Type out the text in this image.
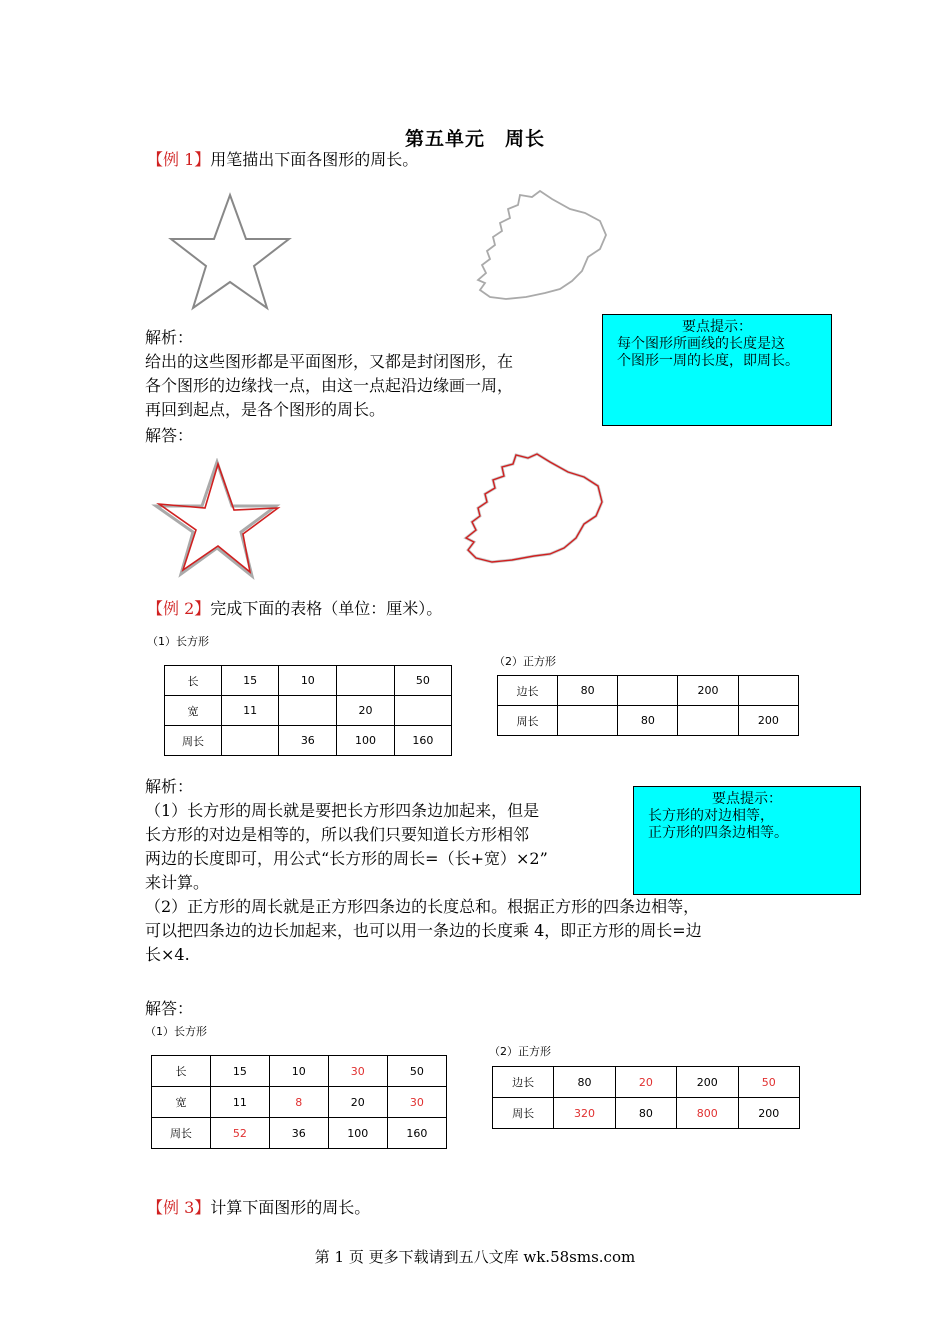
第五单元　周长
【例 1】用笔描出下面各图形的周长。
解析：
给出的这些图形都是平面图形，又都是封闭图形，在
各个图形的边缘找一点，由这一点起沿边缘画一周，
再回到起点，是各个图形的周长。
解答：
要点提示：
每个图形所画线的长度是这
个图形一周的长度，即周长。
【例 2】完成下面的表格（单位：厘米）。
（1）长方形
（2）正方形
长	15	10		50
宽	11		20	
周长		36	100	160
边长	80		200	
周长		80		200
解析：
（1）长方形的周长就是要把长方形四条边加起来，但是
长方形的对边是相等的，所以我们只要知道长方形相邻
两边的长度即可，用公式“长方形的周长=（长+宽）×2”
来计算。
（2）正方形的周长就是正方形四条边的长度总和。根据正方形的四条边相等，
可以把四条边的边长加起来，也可以用一条边的长度乘 4，即正方形的周长=边
长×4.
要点提示：
长方形的对边相等，
正方形的四条边相等。
解答：
（1）长方形
（2）正方形
长	15	10	30	50
宽	11	8	20	30
周长	52	36	100	160
边长	80	20	200	50
周长	320	80	800	200
【例 3】计算下面图形的周长。
第 1 页 更多下载请到五八文库 wk.58sms.com
